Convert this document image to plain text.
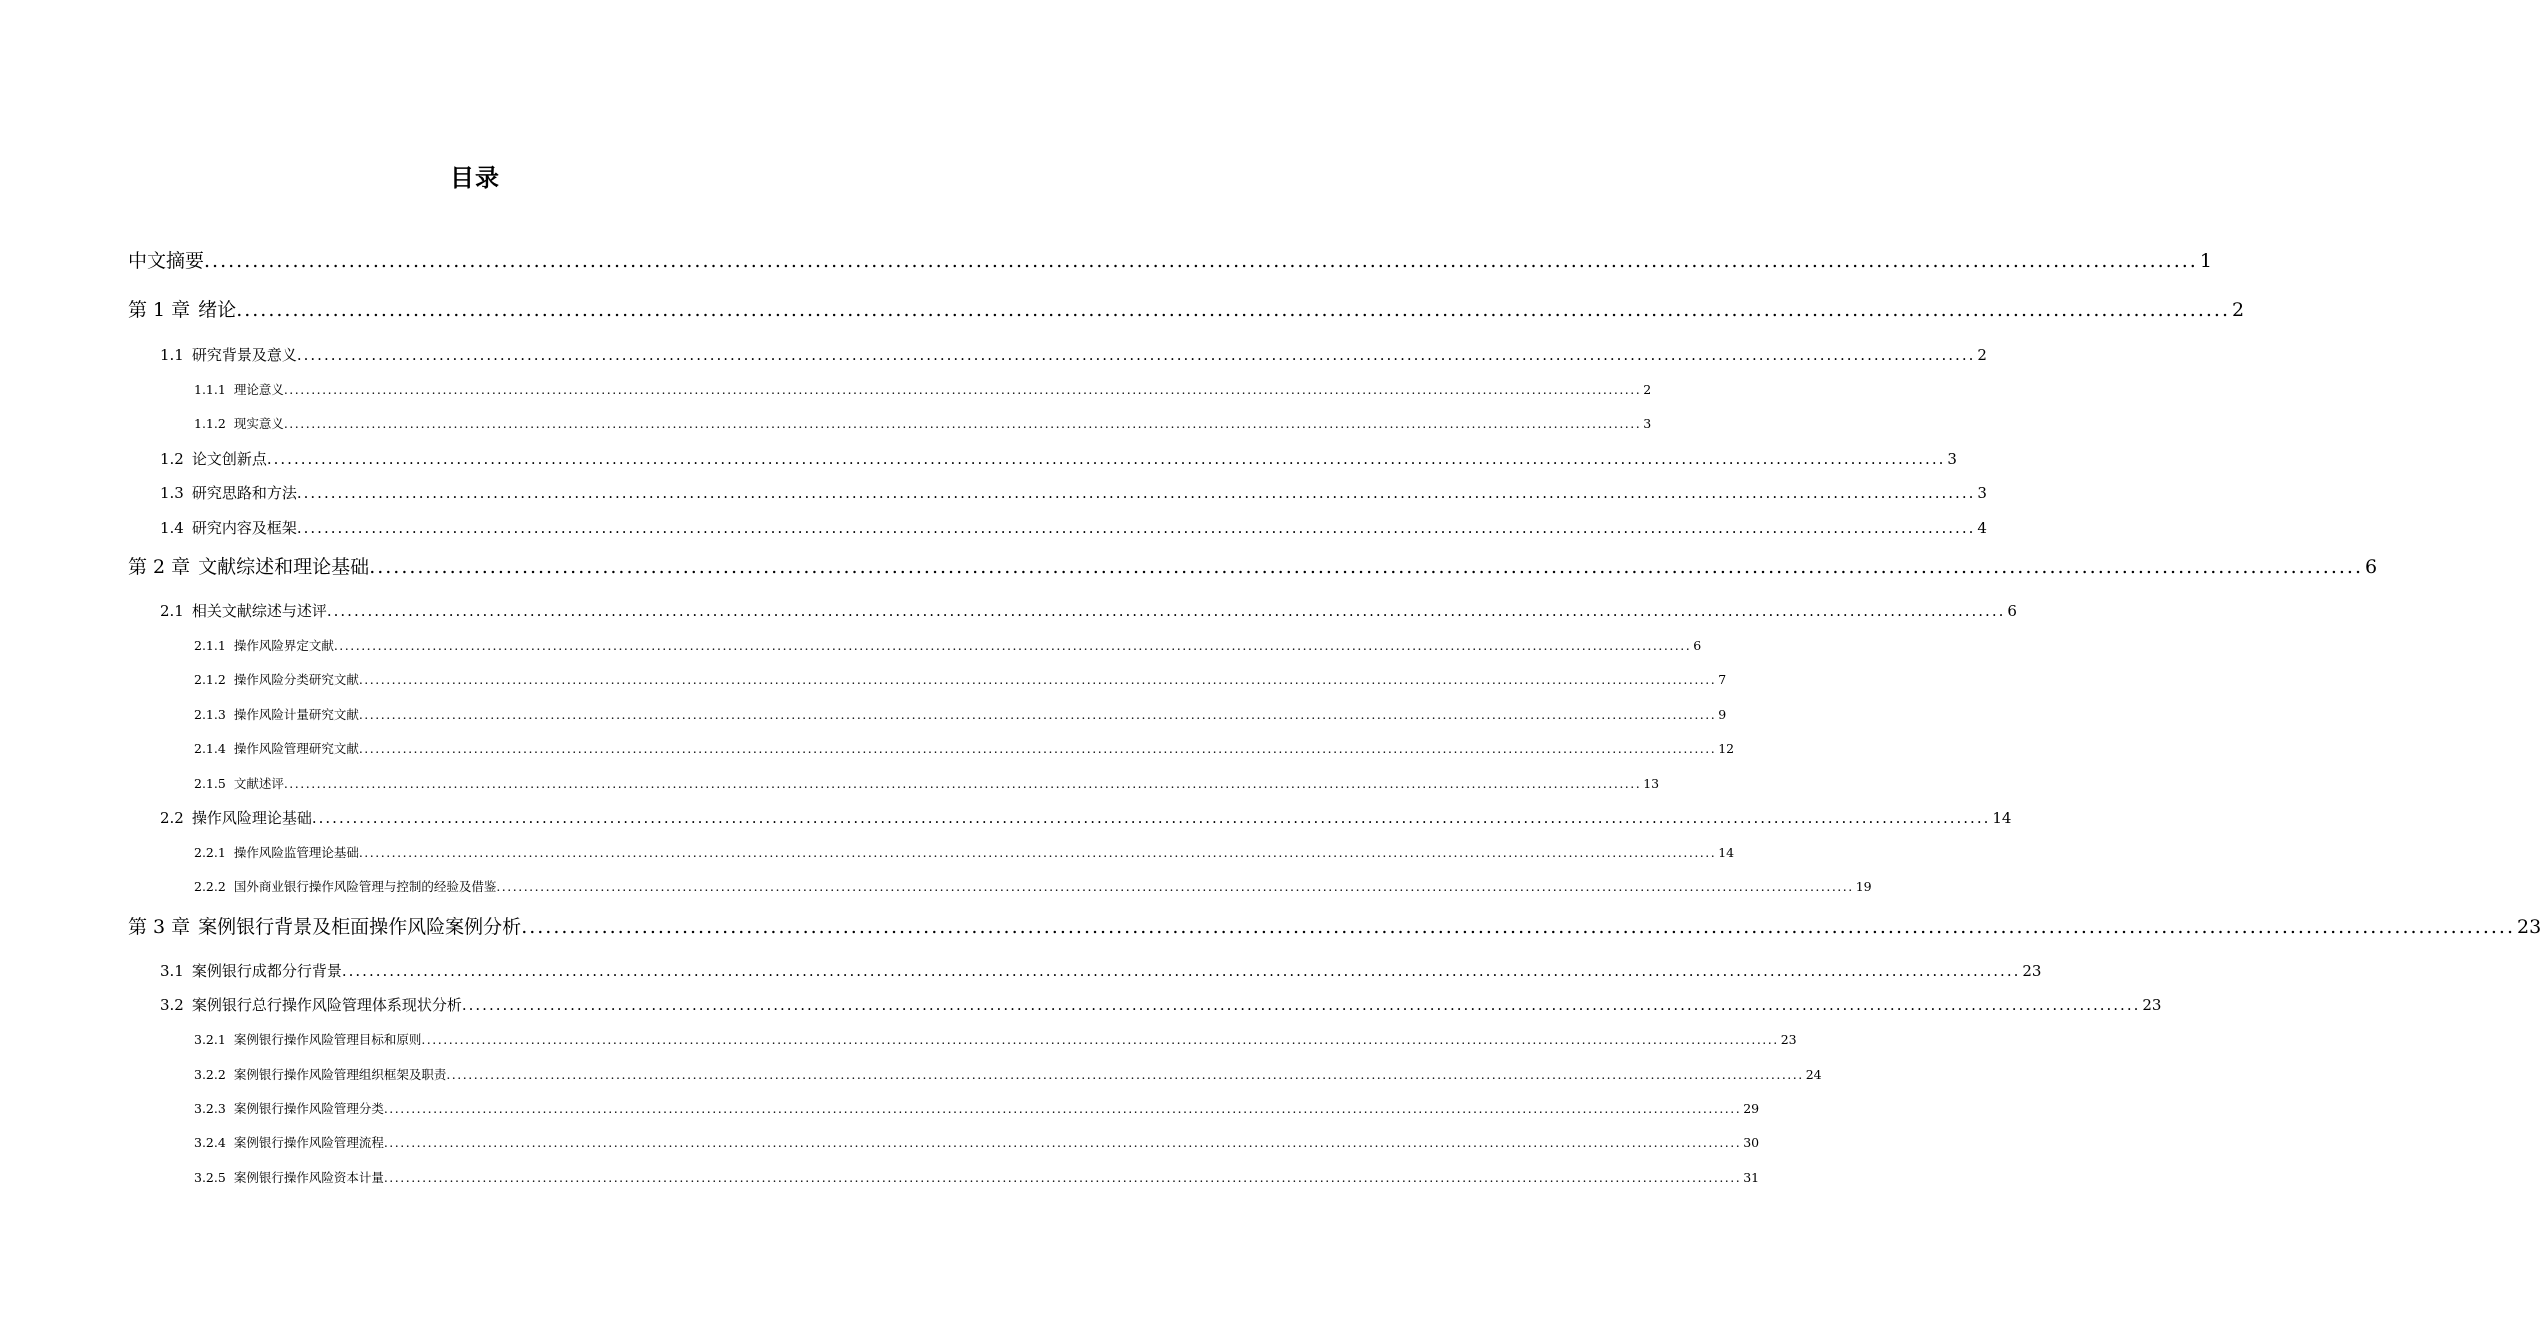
目录
中文摘要 ........................................................................................................................................................................................................................................................ 1
第 1 章 绪论 ........................................................................................................................................................................................................................................................ 2
1.1 研究背景及意义 ........................................................................................................................................................................................................................................................ 2
1.1.1 理论意义 ........................................................................................................................................................................................................................................................ 2
1.1.2 现实意义 ........................................................................................................................................................................................................................................................ 3
1.2 论文创新点 ........................................................................................................................................................................................................................................................ 3
1.3 研究思路和方法 ........................................................................................................................................................................................................................................................ 3
1.4 研究内容及框架 ........................................................................................................................................................................................................................................................ 4
第 2 章 文献综述和理论基础 ........................................................................................................................................................................................................................................................ 6
2.1 相关文献综述与述评 ........................................................................................................................................................................................................................................................ 6
2.1.1 操作风险界定文献 ........................................................................................................................................................................................................................................................ 6
2.1.2 操作风险分类研究文献 ........................................................................................................................................................................................................................................................ 7
2.1.3 操作风险计量研究文献 ........................................................................................................................................................................................................................................................ 9
2.1.4 操作风险管理研究文献 ........................................................................................................................................................................................................................................................ 12
2.1.5 文献述评 ........................................................................................................................................................................................................................................................ 13
2.2 操作风险理论基础 ........................................................................................................................................................................................................................................................ 14
2.2.1 操作风险监管理论基础 ........................................................................................................................................................................................................................................................ 14
2.2.2 国外商业银行操作风险管理与控制的经验及借鉴 ........................................................................................................................................................................................................................................................ 19
第 3 章 案例银行背景及柜面操作风险案例分析 ........................................................................................................................................................................................................................................................ 23
3.1 案例银行成都分行背景 ........................................................................................................................................................................................................................................................ 23
3.2 案例银行总行操作风险管理体系现状分析 ........................................................................................................................................................................................................................................................ 23
3.2.1 案例银行操作风险管理目标和原则 ........................................................................................................................................................................................................................................................ 23
3.2.2 案例银行操作风险管理组织框架及职责 ........................................................................................................................................................................................................................................................ 24
3.2.3 案例银行操作风险管理分类 ........................................................................................................................................................................................................................................................ 29
3.2.4 案例银行操作风险管理流程 ........................................................................................................................................................................................................................................................ 30
3.2.5 案例银行操作风险资本计量 ........................................................................................................................................................................................................................................................ 31
